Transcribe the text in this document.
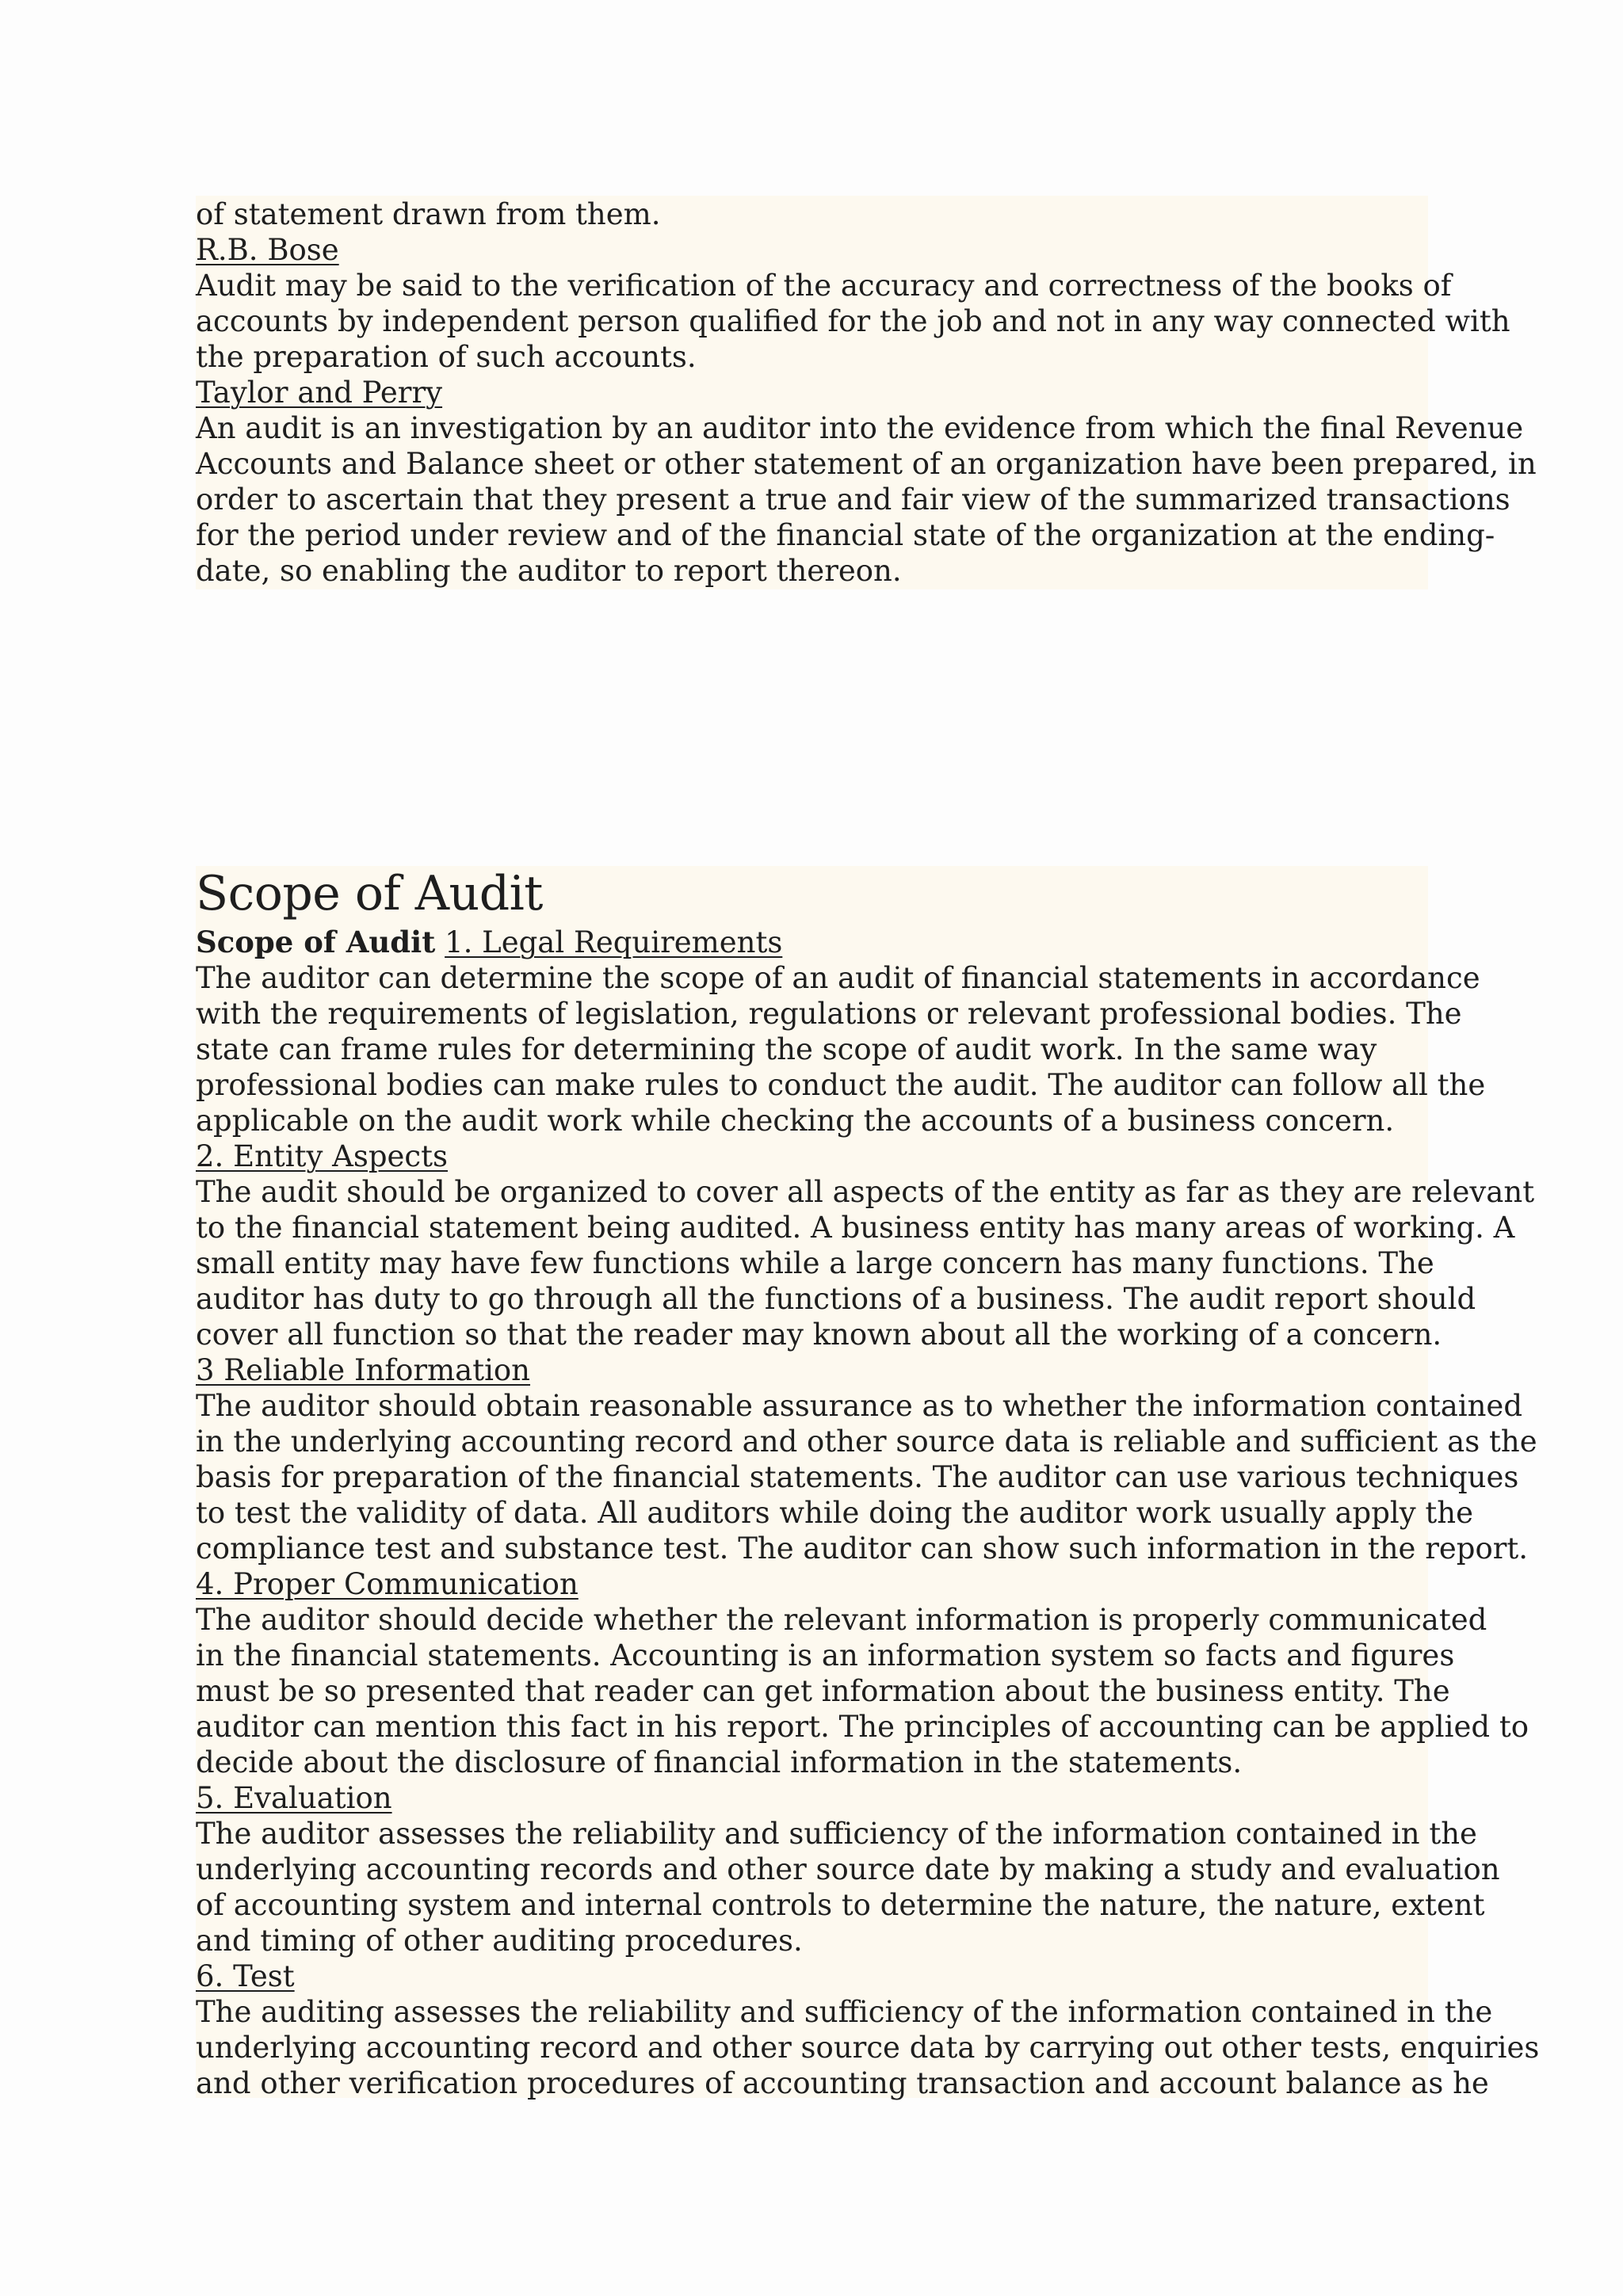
of statement drawn from them.

R.B. Bose

Audit may be said to the verification of the accuracy and correctness of the books of

accounts by independent person qualified for the job and not in any way connected with

the preparation of such accounts.

Taylor and Perry

An audit is an investigation by an auditor into the evidence from which the final Revenue

Accounts and Balance sheet or other statement of an organization have been prepared, in

order to ascertain that they present a true and fair view of the summarized transactions

for the period under review and of the financial state of the organization at the ending-

date, so enabling the auditor to report thereon.

Scope of Audit

Scope of Audit 1. Legal Requirements

The auditor can determine the scope of an audit of financial statements in accordance

with the requirements of legislation, regulations or relevant professional bodies. The

state can frame rules for determining the scope of audit work. In the same way

professional bodies can make rules to conduct the audit. The auditor can follow all the

applicable on the audit work while checking the accounts of a business concern.

2. Entity Aspects

The audit should be organized to cover all aspects of the entity as far as they are relevant

to the financial statement being audited. A business entity has many areas of working. A

small entity may have few functions while a large concern has many functions. The

auditor has duty to go through all the functions of a business. The audit report should

cover all function so that the reader may known about all the working of a concern.

3 Reliable Information

The auditor should obtain reasonable assurance as to whether the information contained

in the underlying accounting record and other source data is reliable and sufficient as the

basis for preparation of the financial statements. The auditor can use various techniques

to test the validity of data. All auditors while doing the auditor work usually apply the

compliance test and substance test. The auditor can show such information in the report.

4. Proper Communication

The auditor should decide whether the relevant information is properly communicated

in the financial statements. Accounting is an information system so facts and figures

must be so presented that reader can get information about the business entity. The

auditor can mention this fact in his report. The principles of accounting can be applied to

decide about the disclosure of financial information in the statements.

5. Evaluation

The auditor assesses the reliability and sufficiency of the information contained in the

underlying accounting records and other source date by making a study and evaluation

of accounting system and internal controls to determine the nature, the nature, extent

and timing of other auditing procedures.

6. Test

The auditing assesses the reliability and sufficiency of the information contained in the

underlying accounting record and other source data by carrying out other tests, enquiries

and other verification procedures of accounting transaction and account balance as he
